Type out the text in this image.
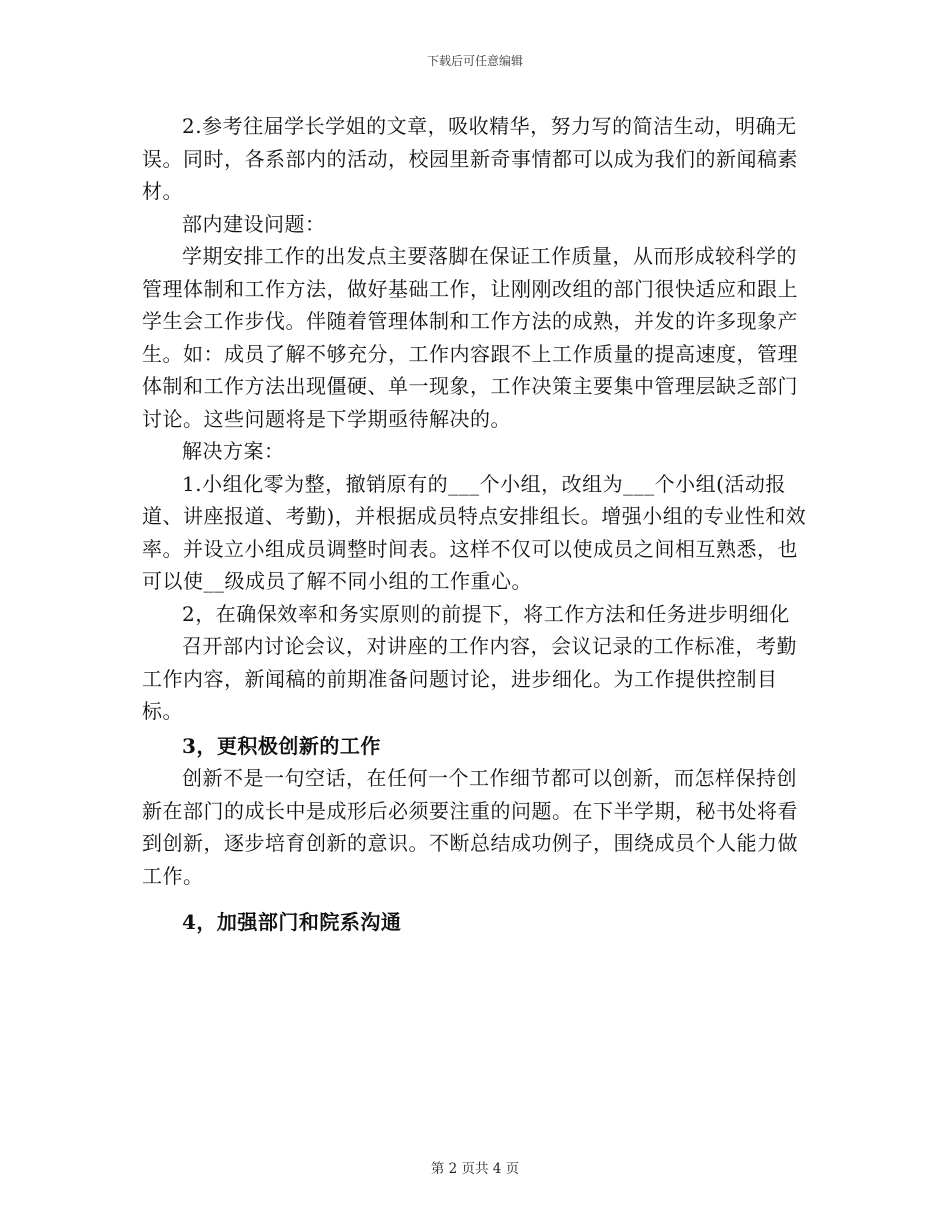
下载后可任意编辑

2.参考往届学长学姐的文章，吸收精华，努力写的简洁生动，明确无误。同时，各系部内的活动，校园里新奇事情都可以成为我们的新闻稿素材。

部内建设问题：

学期安排工作的出发点主要落脚在保证工作质量，从而形成较科学的管理体制和工作方法，做好基础工作，让刚刚改组的部门很快适应和跟上学生会工作步伐。伴随着管理体制和工作方法的成熟，并发的许多现象产生。如：成员了解不够充分，工作内容跟不上工作质量的提高速度，管理体制和工作方法出现僵硬、单一现象，工作决策主要集中管理层缺乏部门讨论。这些问题将是下学期亟待解决的。

解决方案：

1.小组化零为整，撤销原有的___个小组，改组为___个小组(活动报道、讲座报道、考勤)，并根据成员特点安排组长。增强小组的专业性和效率。并设立小组成员调整时间表。这样不仅可以使成员之间相互熟悉，也可以使__级成员了解不同小组的工作重心。

2，在确保效率和务实原则的前提下，将工作方法和任务进步明细化

召开部内讨论会议，对讲座的工作内容，会议记录的工作标准，考勤工作内容，新闻稿的前期准备问题讨论，进步细化。为工作提供控制目标。

3，更积极创新的工作

创新不是一句空话，在任何一个工作细节都可以创新，而怎样保持创新在部门的成长中是成形后必须要注重的问题。在下半学期，秘书处将看到创新，逐步培育创新的意识。不断总结成功例子，围绕成员个人能力做工作。

4，加强部门和院系沟通

第 2 页共 4 页
